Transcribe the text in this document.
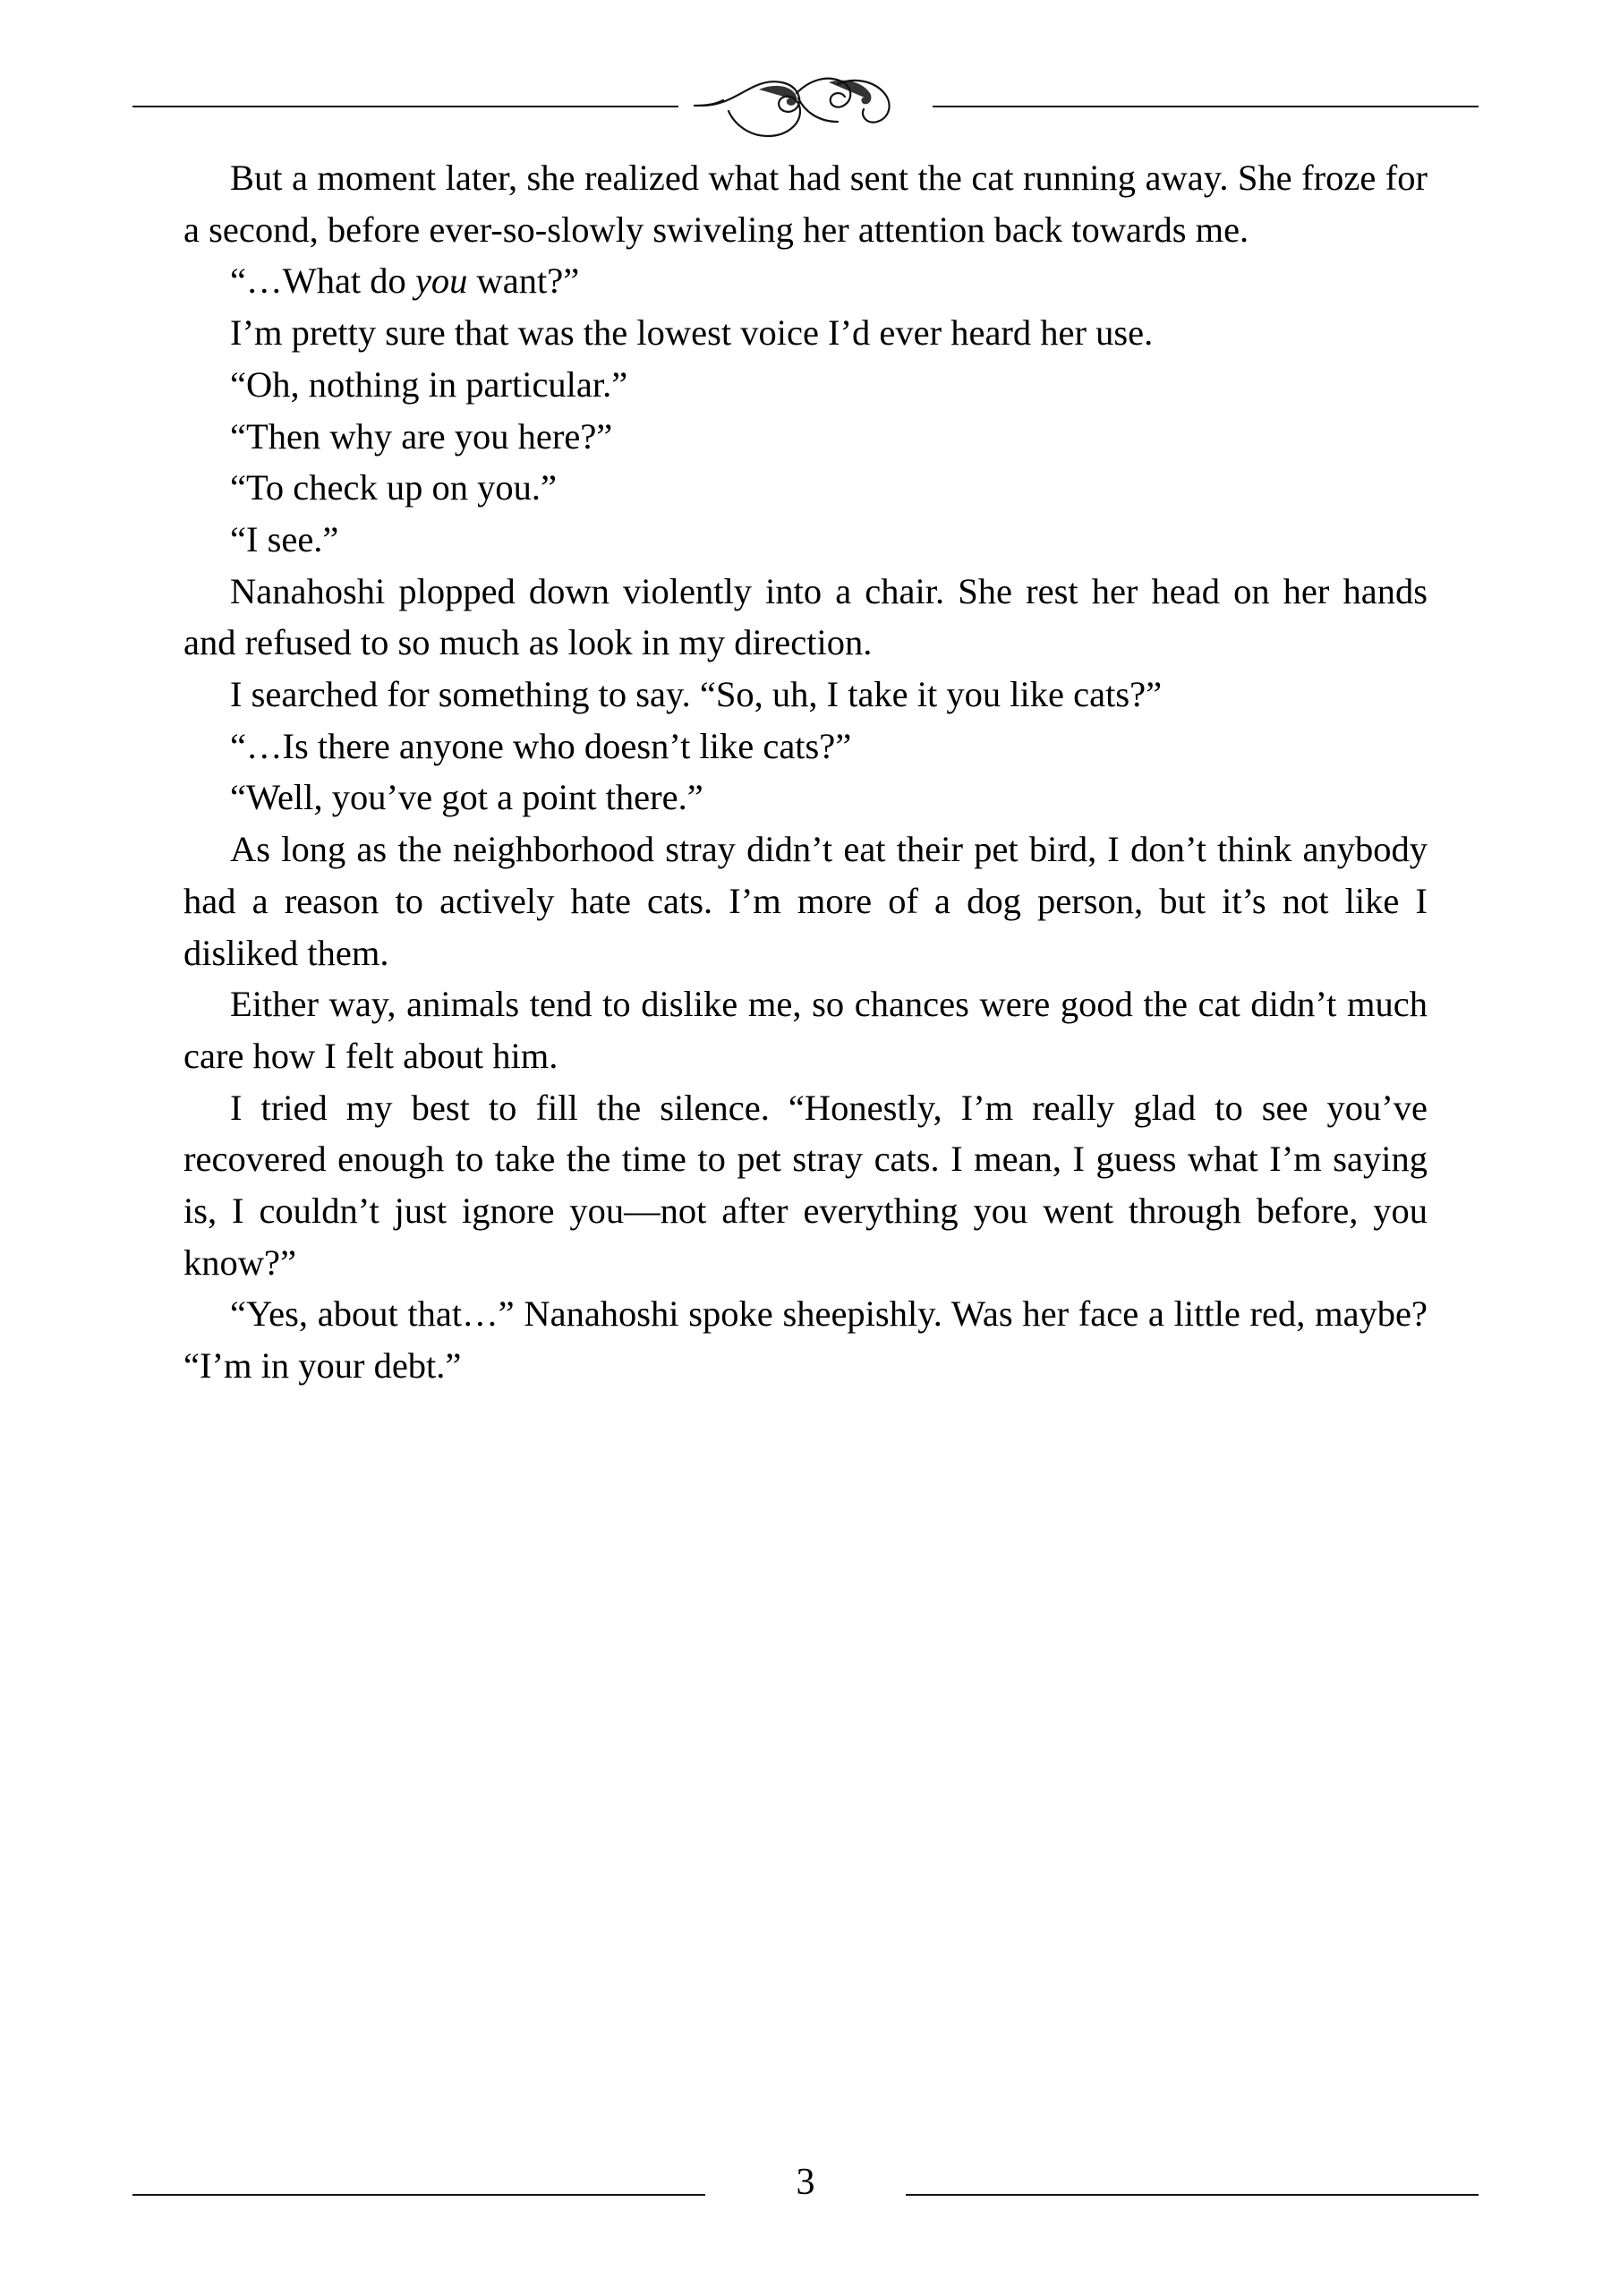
But a moment later, she realized what had sent the cat running away. She froze for a second, before ever-so-slowly swiveling her attention back towards me.

“…What do you want?”

I’m pretty sure that was the lowest voice I’d ever heard her use.

“Oh, nothing in particular.”

“Then why are you here?”

“To check up on you.”

“I see.”

Nanahoshi plopped down violently into a chair. She rest her head on her hands and refused to so much as look in my direction.

I searched for something to say. “So, uh, I take it you like cats?”

“…Is there anyone who doesn’t like cats?”

“Well, you’ve got a point there.”

As long as the neighborhood stray didn’t eat their pet bird, I don’t think anybody had a reason to actively hate cats. I’m more of a dog person, but it’s not like I disliked them.

Either way, animals tend to dislike me, so chances were good the cat didn’t much care how I felt about him.

I tried my best to fill the silence. “Honestly, I’m really glad to see you’ve recovered enough to take the time to pet stray cats. I mean, I guess what I’m saying is, I couldn’t just ignore you—not after everything you went through before, you know?”

“Yes, about that…” Nanahoshi spoke sheepishly. Was her face a little red, maybe? “I’m in your debt.”

3
